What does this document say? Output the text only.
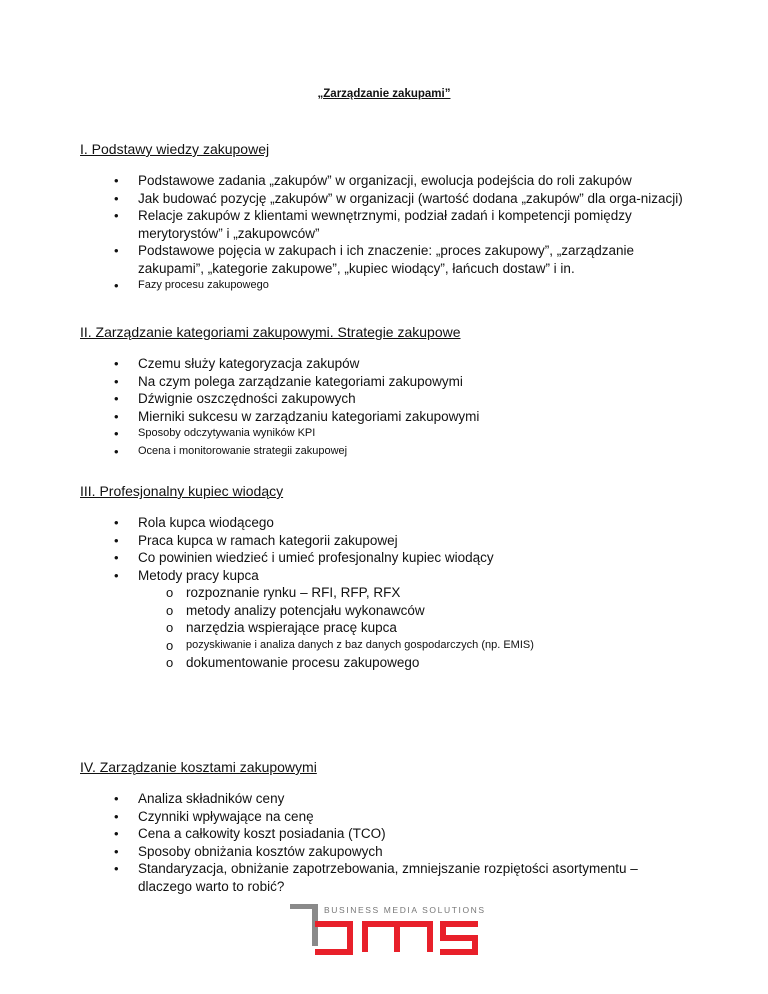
„Zarządzanie zakupami”
I. Podstawy wiedzy zakupowej
• Podstawowe zadania „zakupów” w organizacji, ewolucja podejścia do roli zakupów
• Jak budować pozycję „zakupów” w organizacji (wartość dodana „zakupów” dla orga-nizacji)
• Relacje zakupów z klientami wewnętrznymi, podział zadań i kompetencji pomiędzy merytorystów” i „zakupowców”
• Podstawowe pojęcia w zakupach i ich znaczenie: „proces zakupowy”, „zarządzanie zakupami”, „kategorie zakupowe”, „kupiec wiodący”, łańcuch dostaw” i in.
• Fazy procesu zakupowego
II. Zarządzanie kategoriami zakupowymi. Strategie zakupowe
• Czemu służy kategoryzacja zakupów
• Na czym polega zarządzanie kategoriami zakupowymi
• Dźwignie oszczędności zakupowych
• Mierniki sukcesu w zarządzaniu kategoriami zakupowymi
• Sposoby odczytywania wyników KPI
• Ocena i monitorowanie strategii zakupowej
III. Profesjonalny kupiec wiodący
• Rola kupca wiodącego
• Praca kupca w ramach kategorii zakupowej
• Co powinien wiedzieć i umieć profesjonalny kupiec wiodący
• Metody pracy kupca
o rozpoznanie rynku – RFI, RFP, RFX
o metody analizy potencjału wykonawców
o narzędzia wspierające pracę kupca
o pozyskiwanie i analiza danych z baz danych gospodarczych (np. EMIS)
o dokumentowanie procesu zakupowego
IV. Zarządzanie kosztami zakupowymi
• Analiza składników ceny
• Czynniki wpływające na cenę
• Cena a całkowity koszt posiadania (TCO)
• Sposoby obniżania kosztów zakupowych
• Standaryzacja, obniżanie zapotrzebowania, zmniejszanie rozpiętości asortymentu – dlaczego warto to robić?
BUSINESS MEDIA SOLUTIONS
